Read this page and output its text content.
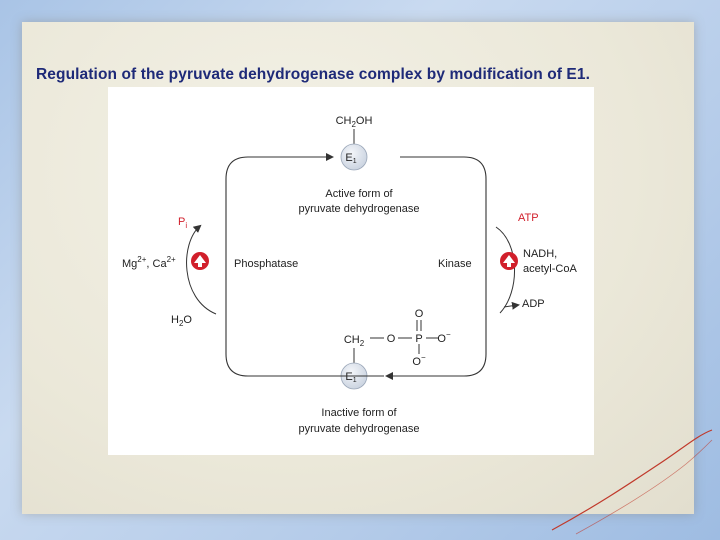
Regulation of the pyruvate dehydrogenase complex by modification of E1.
$CH_2OH$
E1
Active form of
pyruvate dehydrogenase
$CH_2$ O P
O
O−
O−
E1
Inactive form of
pyruvate dehydrogenase
$P_i$
$H_2O$
$Mg^{2+}$, $Ca^{2+}$	Phosphatase
ATP
ADP
Kinase
NADH,
acetyl-CoA
